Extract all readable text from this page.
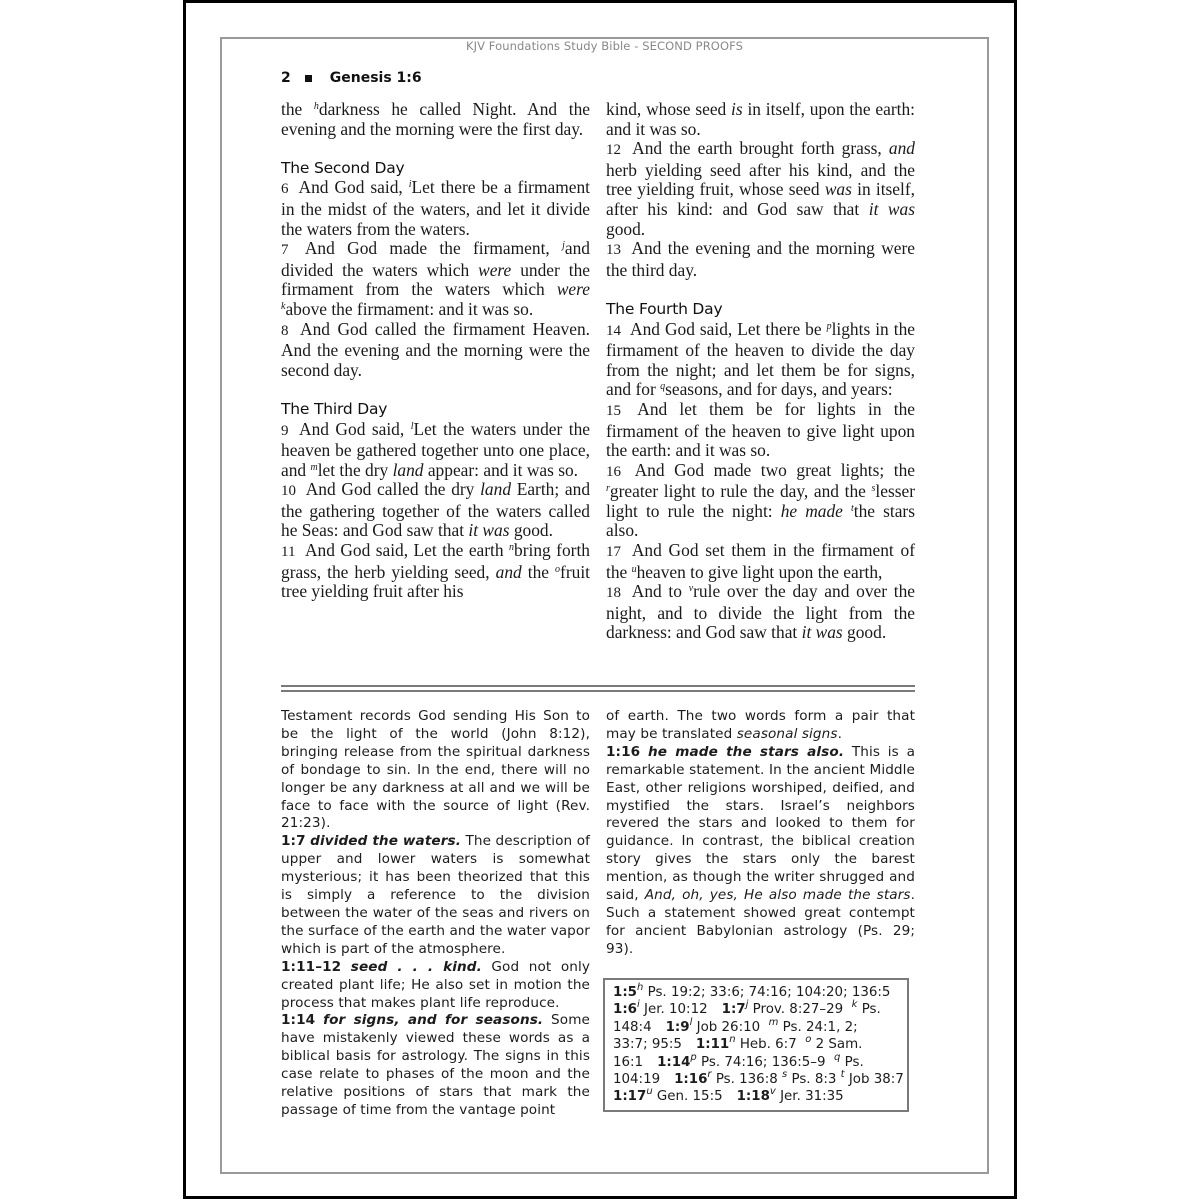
KJV Foundations Study Bible - SECOND PROOFS
2	Genesis 1:6

the $^h$darkness he called Night. And the evening and the morning were the first day.

The Second Day

6 And God said, $^i$Let there be a firmament in the midst of the waters, and let it divide the waters from the waters.

7 And God made the firmament, $^j$and divided the waters which were under the firmament from the waters which were $^k$above the firmament: and it was so.

8 And God called the firmament Heaven. And the evening and the morning were the second day.

The Third Day

9 And God said, $^l$Let the waters under the heaven be gathered together unto one place, and $^m$let the dry land appear: and it was so.

10 And God called the dry land Earth; and the gathering together of the waters called he Seas: and God saw that it was good.

11 And God said, Let the earth $^n$bring forth grass, the herb yielding seed, and the $^o$fruit tree yielding fruit after his

kind, whose seed is in itself, upon the earth: and it was so.

12 And the earth brought forth grass, and herb yielding seed after his kind, and the tree yielding fruit, whose seed was in itself, after his kind: and God saw that it was good.

13 And the evening and the morning were the third day.

The Fourth Day

14 And God said, Let there be $^p$lights in the firmament of the heaven to divide the day from the night; and let them be for signs, and for $^q$seasons, and for days, and years:

15 And let them be for lights in the firmament of the heaven to give light upon the earth: and it was so.

16 And God made two great lights; the $^r$greater light to rule the day, and the $^s$lesser light to rule the night: he made $^t$the stars also.

17 And God set them in the firmament of the $^u$heaven to give light upon the earth,

18 And to $^v$rule over the day and over the night, and to divide the light from the darkness: and God saw that it was good.

Testament records God sending His Son to be the light of the world (John 8:12), bringing release from the spiritual darkness of bondage to sin. In the end, there will no longer be any darkness at all and we will be face to face with the source of light (Rev. 21:23).

1:7 divided the waters. The description of upper and lower waters is somewhat mysterious; it has been theorized that this is simply a reference to the division between the water of the seas and rivers on the surface of the earth and the water vapor which is part of the atmosphere.

1:11–12 seed . . . kind. God not only created plant life; He also set in motion the process that makes plant life reproduce.

1:14 for signs, and for seasons. Some have mistakenly viewed these words as a biblical basis for astrology. The signs in this case relate to phases of the moon and the relative positions of stars that mark the passage of time from the vantage point

of earth. The two words form a pair that may be translated seasonal signs.

1:16 he made the stars also. This is a remarkable statement. In the ancient Middle East, other religions worshiped, deified, and mystified the stars. Israel’s neighbors revered the stars and looked to them for guidance. In contrast, the biblical creation story gives the stars only the barest mention, as though the writer shrugged and said, And, oh, yes, He also made the stars. Such a statement showed great contempt for ancient Babylonian astrology (Ps. 29; 93).

1:5$^h$ Ps. 19:2; 33:6; 74:16; 104:20; 136:5
1:6$^i$ Jer. 10:12 1:7$^j$ Prov. 8:27–29 $^k$ Ps.
148:4 1:9$^l$ Job 26:10 $^m$ Ps. 24:1, 2;
33:7; 95:5 1:11$^n$ Heb. 6:7 $^o$ 2 Sam.
16:1 1:14$^p$ Ps. 74:16; 136:5–9 $^q$ Ps.
104:19 1:16$^r$ Ps. 136:8 $^s$ Ps. 8:3 $^t$ Job 38:7
1:17$^u$ Gen. 15:5 1:18$^v$ Jer. 31:35
